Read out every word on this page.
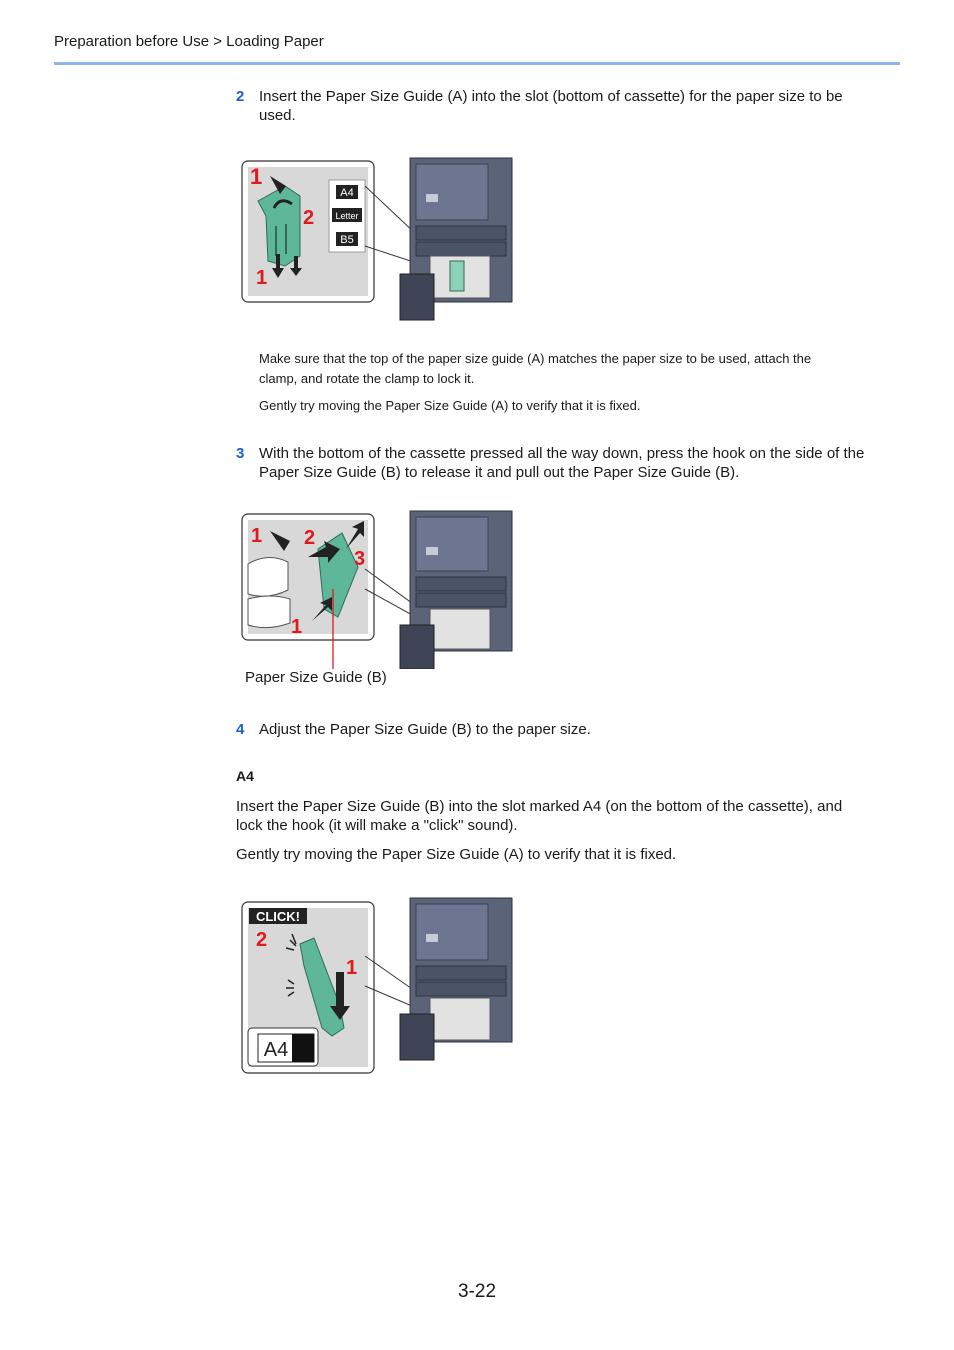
Preparation before Use > Loading Paper
2 Insert the Paper Size Guide (A) into the slot (bottom of cassette) for the paper size to be
used.
1
2
1
A4
Letter
B5
Make sure that the top of the paper size guide (A) matches the paper size to be used, attach the
clamp, and rotate the clamp to lock it.
Gently try moving the Paper Size Guide (A) to verify that it is fixed.
3 With the bottom of the cassette pressed all the way down, press the hook on the side of the
Paper Size Guide (B) to release it and pull out the Paper Size Guide (B).
1 2
3
1
Paper Size Guide (B)
4 Adjust the Paper Size Guide (B) to the paper size.
A4
Insert the Paper Size Guide (B) into the slot marked A4 (on the bottom of the cassette), and
lock the hook (it will make a "click" sound).
Gently try moving the Paper Size Guide (A) to verify that it is fixed.
CLICK!
2
1
A4
3-22
